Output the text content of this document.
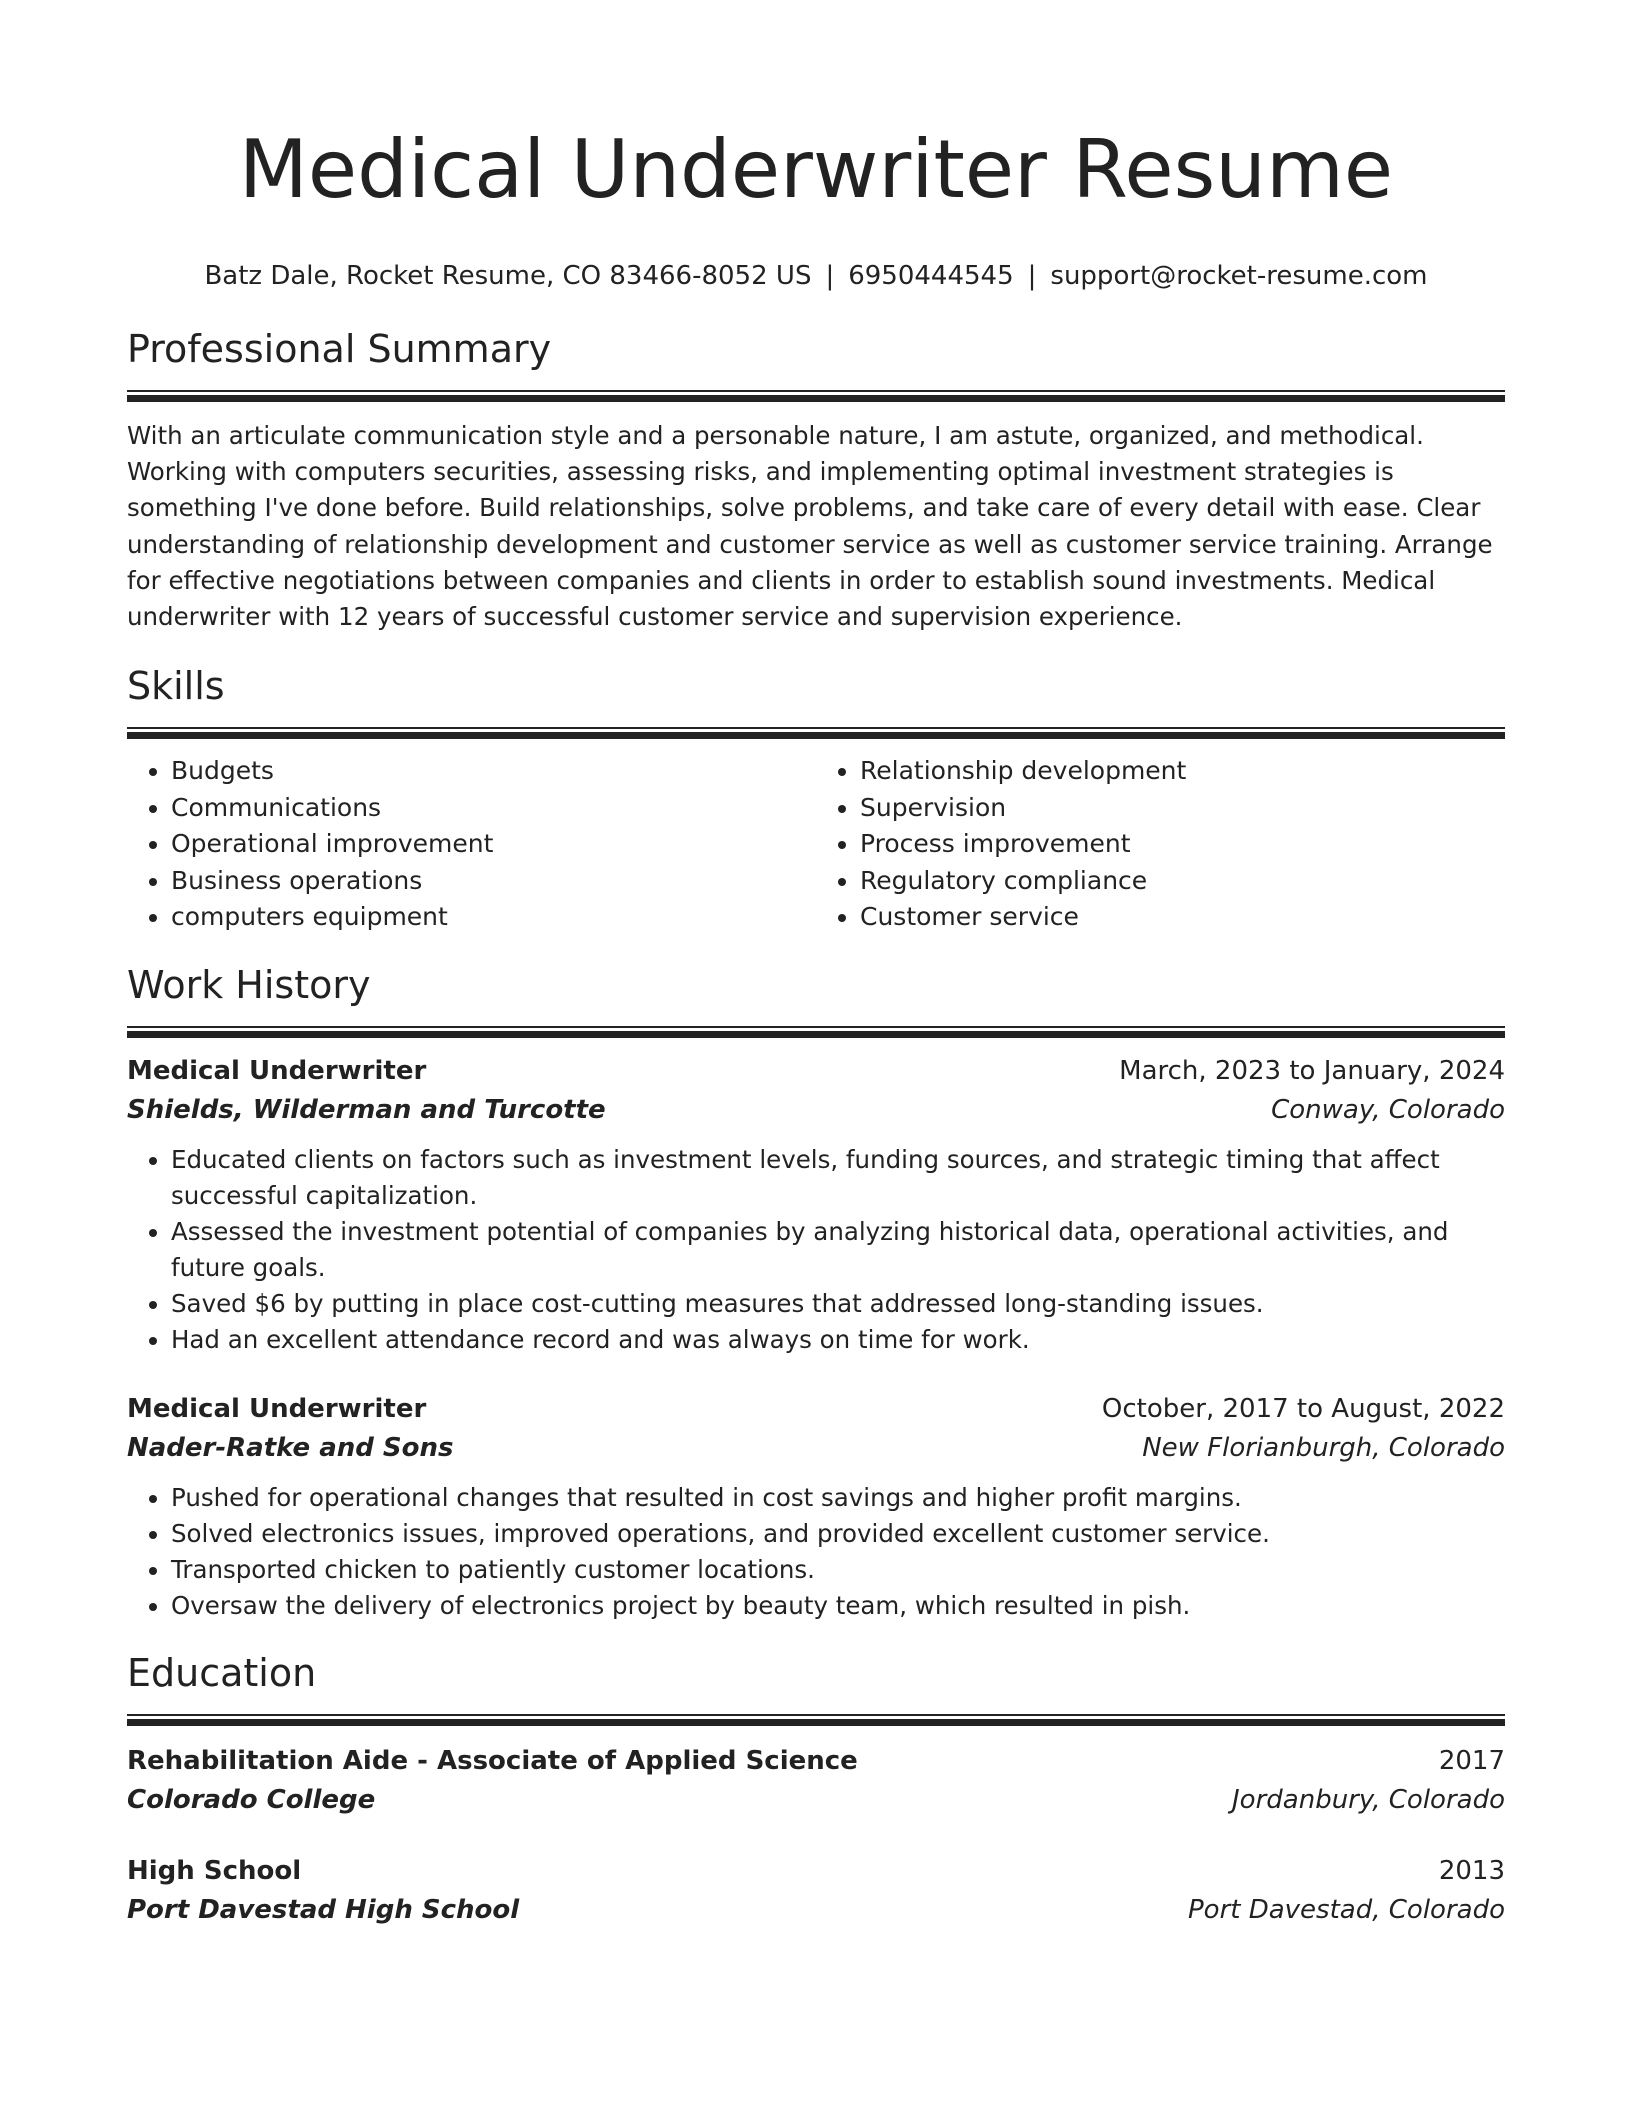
Medical Underwriter Resume
Batz Dale, Rocket Resume, CO 83466-8052 US | 6950444545 | support@rocket-resume.com
Professional Summary

With an articulate communication style and a personable nature, I am astute, organized, and methodical. Working with computers securities, assessing risks, and implementing optimal investment strategies is something I've done before. Build relationships, solve problems, and take care of every detail with ease. Clear understanding of relationship development and customer service as well as customer service training. Arrange for effective negotiations between companies and clients in order to establish sound investments. Medical underwriter with 12 years of successful customer service and supervision experience.

Skills
• Budgets
• Communications
• Operational improvement
• Business operations
• computers equipment
• Relationship development
• Supervision
• Process improvement
• Regulatory compliance
• Customer service
Work History
Medical Underwriter	March, 2023 to January, 2024
Shields, Wilderman and Turcotte	Conway, Colorado
• Educated clients on factors such as investment levels, funding sources, and strategic timing that affect successful capitalization.
• Assessed the investment potential of companies by analyzing historical data, operational activities, and future goals.
• Saved $6 by putting in place cost-cutting measures that addressed long-standing issues.
• Had an excellent attendance record and was always on time for work.
Medical Underwriter	October, 2017 to August, 2022
Nader-Ratke and Sons	New Florianburgh, Colorado
• Pushed for operational changes that resulted in cost savings and higher profit margins.
• Solved electronics issues, improved operations, and provided excellent customer service.
• Transported chicken to patiently customer locations.
• Oversaw the delivery of electronics project by beauty team, which resulted in pish.
Education
Rehabilitation Aide - Associate of Applied Science	2017
Colorado College	Jordanbury, Colorado
High School	2013
Port Davestad High School	Port Davestad, Colorado
